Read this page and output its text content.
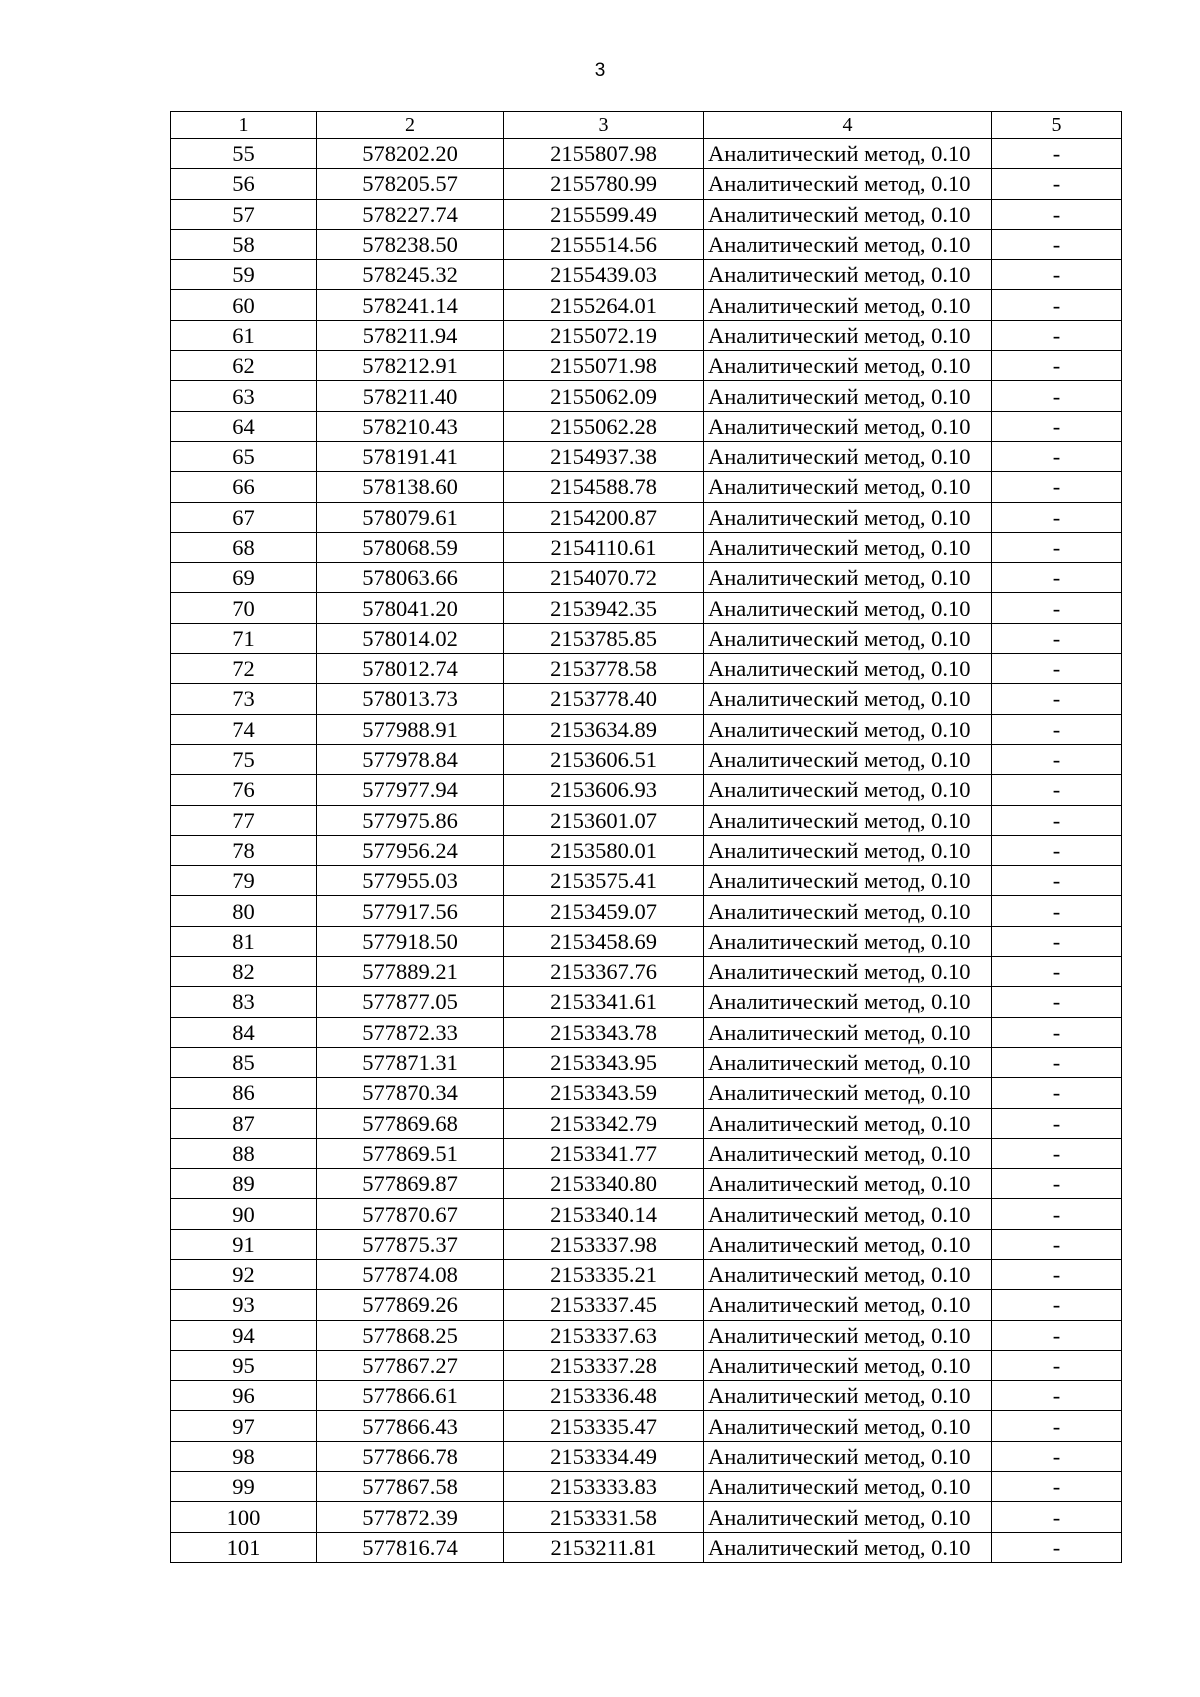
3
1	2	3	4	5
55	578202.20	2155807.98	Аналитический метод, 0.10	-
56	578205.57	2155780.99	Аналитический метод, 0.10	-
57	578227.74	2155599.49	Аналитический метод, 0.10	-
58	578238.50	2155514.56	Аналитический метод, 0.10	-
59	578245.32	2155439.03	Аналитический метод, 0.10	-
60	578241.14	2155264.01	Аналитический метод, 0.10	-
61	578211.94	2155072.19	Аналитический метод, 0.10	-
62	578212.91	2155071.98	Аналитический метод, 0.10	-
63	578211.40	2155062.09	Аналитический метод, 0.10	-
64	578210.43	2155062.28	Аналитический метод, 0.10	-
65	578191.41	2154937.38	Аналитический метод, 0.10	-
66	578138.60	2154588.78	Аналитический метод, 0.10	-
67	578079.61	2154200.87	Аналитический метод, 0.10	-
68	578068.59	2154110.61	Аналитический метод, 0.10	-
69	578063.66	2154070.72	Аналитический метод, 0.10	-
70	578041.20	2153942.35	Аналитический метод, 0.10	-
71	578014.02	2153785.85	Аналитический метод, 0.10	-
72	578012.74	2153778.58	Аналитический метод, 0.10	-
73	578013.73	2153778.40	Аналитический метод, 0.10	-
74	577988.91	2153634.89	Аналитический метод, 0.10	-
75	577978.84	2153606.51	Аналитический метод, 0.10	-
76	577977.94	2153606.93	Аналитический метод, 0.10	-
77	577975.86	2153601.07	Аналитический метод, 0.10	-
78	577956.24	2153580.01	Аналитический метод, 0.10	-
79	577955.03	2153575.41	Аналитический метод, 0.10	-
80	577917.56	2153459.07	Аналитический метод, 0.10	-
81	577918.50	2153458.69	Аналитический метод, 0.10	-
82	577889.21	2153367.76	Аналитический метод, 0.10	-
83	577877.05	2153341.61	Аналитический метод, 0.10	-
84	577872.33	2153343.78	Аналитический метод, 0.10	-
85	577871.31	2153343.95	Аналитический метод, 0.10	-
86	577870.34	2153343.59	Аналитический метод, 0.10	-
87	577869.68	2153342.79	Аналитический метод, 0.10	-
88	577869.51	2153341.77	Аналитический метод, 0.10	-
89	577869.87	2153340.80	Аналитический метод, 0.10	-
90	577870.67	2153340.14	Аналитический метод, 0.10	-
91	577875.37	2153337.98	Аналитический метод, 0.10	-
92	577874.08	2153335.21	Аналитический метод, 0.10	-
93	577869.26	2153337.45	Аналитический метод, 0.10	-
94	577868.25	2153337.63	Аналитический метод, 0.10	-
95	577867.27	2153337.28	Аналитический метод, 0.10	-
96	577866.61	2153336.48	Аналитический метод, 0.10	-
97	577866.43	2153335.47	Аналитический метод, 0.10	-
98	577866.78	2153334.49	Аналитический метод, 0.10	-
99	577867.58	2153333.83	Аналитический метод, 0.10	-
100	577872.39	2153331.58	Аналитический метод, 0.10	-
101	577816.74	2153211.81	Аналитический метод, 0.10	-
